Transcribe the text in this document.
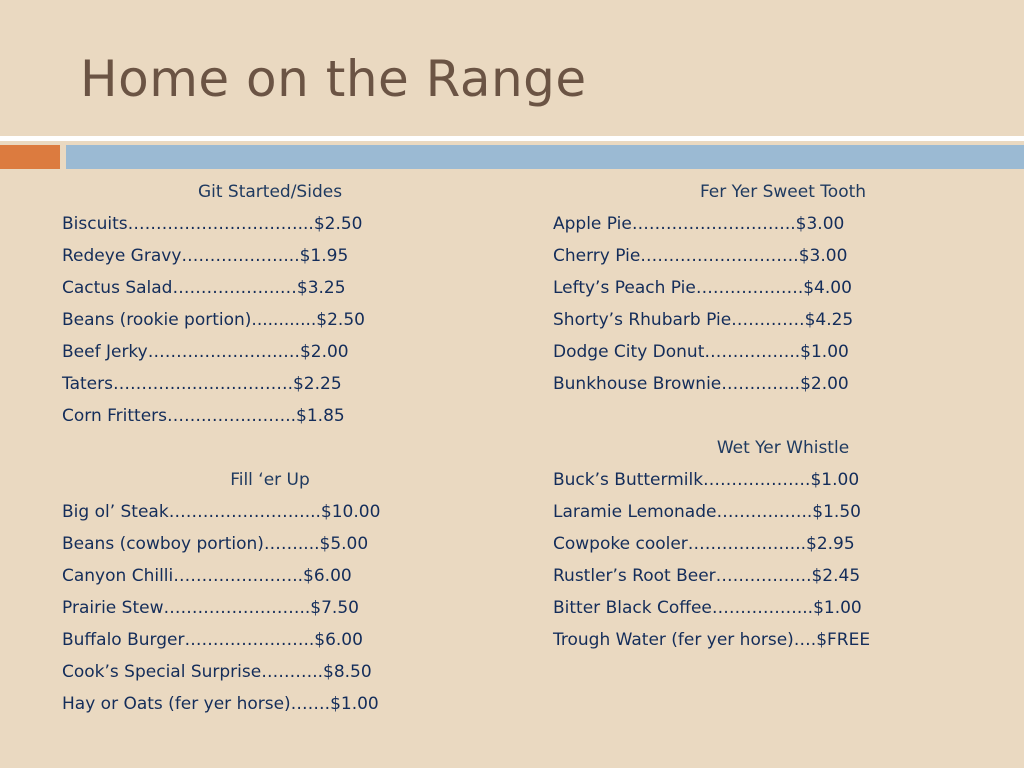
Home on the Range
Git Started/Sides
Biscuits…………………………...$2.50
Redeye Gravy………………...$1.95
Cactus Salad……………….…$3.25
Beans (rookie portion)............$2.50
Beef Jerky………….……….….$2.00
Taters…………..….….……….$2.25
Corn Fritters……..…….……..$1.85
Fill ‘er Up
Big ol’ Steak……………………...$10.00
Beans (cowboy portion)……....$5.00
Canyon Chilli…………………..$6.00
Prairie Stew……………………..$7.50
Buffalo Burger…………………..$6.00
Cook’s Special Surprise………..$8.50
Hay or Oats (fer yer horse)…….$1.00
Fer Yer Sweet Tooth
Apple Pie………………………..$3.00
Cherry Pie……………………….$3.00
Lefty’s Peach Pie……………….$4.00
Shorty’s Rhubarb Pie………….$4.25
Dodge City Donut……………..$1.00
Bunkhouse Brownie…………..$2.00
Wet Yer Whistle
Buck’s Buttermilk……………….$1.00
Laramie Lemonade……………..$1.50
Cowpoke cooler………………...$2.95
Rustler’s Root Beer……………..$2.45
Bitter Black Coffee……………...$1.00
Trough Water (fer yer horse)….$FREE
